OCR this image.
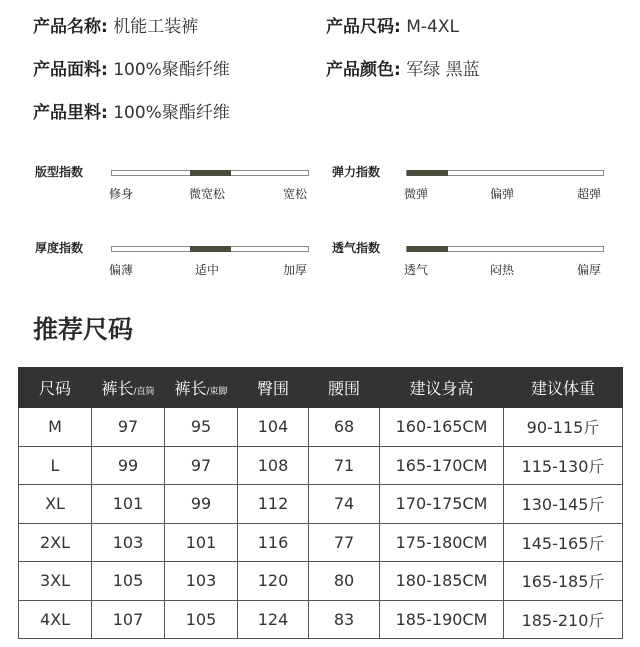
产品名称: 机能工装裤	产品尺码: M-4XL
产品面料: 100%聚酯纤维	产品颜色: 军绿 黑蓝
产品里料: 100%聚酯纤维
版型指数
修身	微宽松	宽松
弹力指数
微弹	偏弹	超弹
厚度指数
偏薄	适中	加厚
透气指数
透气	闷热	偏厚
推荐尺码
尺码	裤长/直筒	裤长/束脚	臀围	腰围	建议身高	建议体重
M	97	95	104	68	160-165CM	90-115斤
L	99	97	108	71	165-170CM	115-130斤
XL	101	99	112	74	170-175CM	130-145斤
2XL	103	101	116	77	175-180CM	145-165斤
3XL	105	103	120	80	180-185CM	165-185斤
4XL	107	105	124	83	185-190CM	185-210斤
